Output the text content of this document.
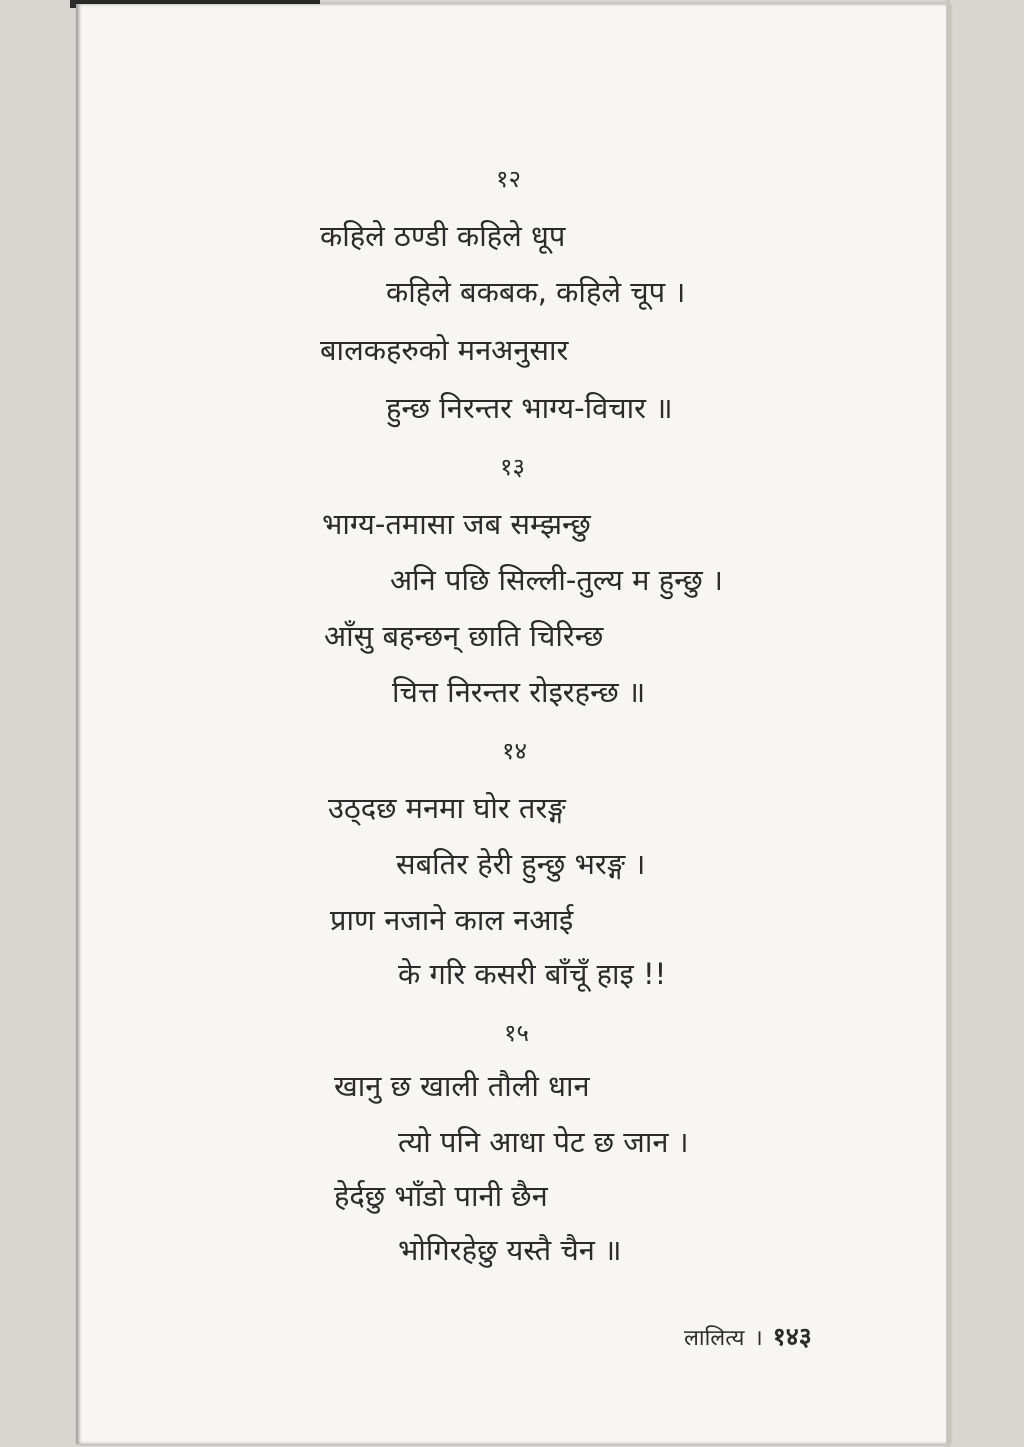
१२
कहिले ठण्डी कहिले धूप
कहिले बकबक, कहिले चूप ।
बालकहरुको मनअनुसार
हुन्छ निरन्तर भाग्य-विचार ॥
१३
भाग्य-तमासा जब सम्झन्छु
अनि पछि सिल्ली-तुल्य म हुन्छु ।
आँसु बहन्छन् छाति चिरिन्छ
चित्त निरन्तर रोइरहन्छ ॥
१४
उठ्दछ मनमा घोर तरङ्ग
सबतिर हेरी हुन्छु भरङ्ग ।
प्राण नजाने काल नआई
के गरि कसरी बाँचूँ हाइ !!
१५
खानु छ खाली तौली धान
त्यो पनि आधा पेट छ जान ।
हेर्दछु भाँडो पानी छैन
भोगिरहेछु यस्तै चैन ॥
लालित्य । १४३
